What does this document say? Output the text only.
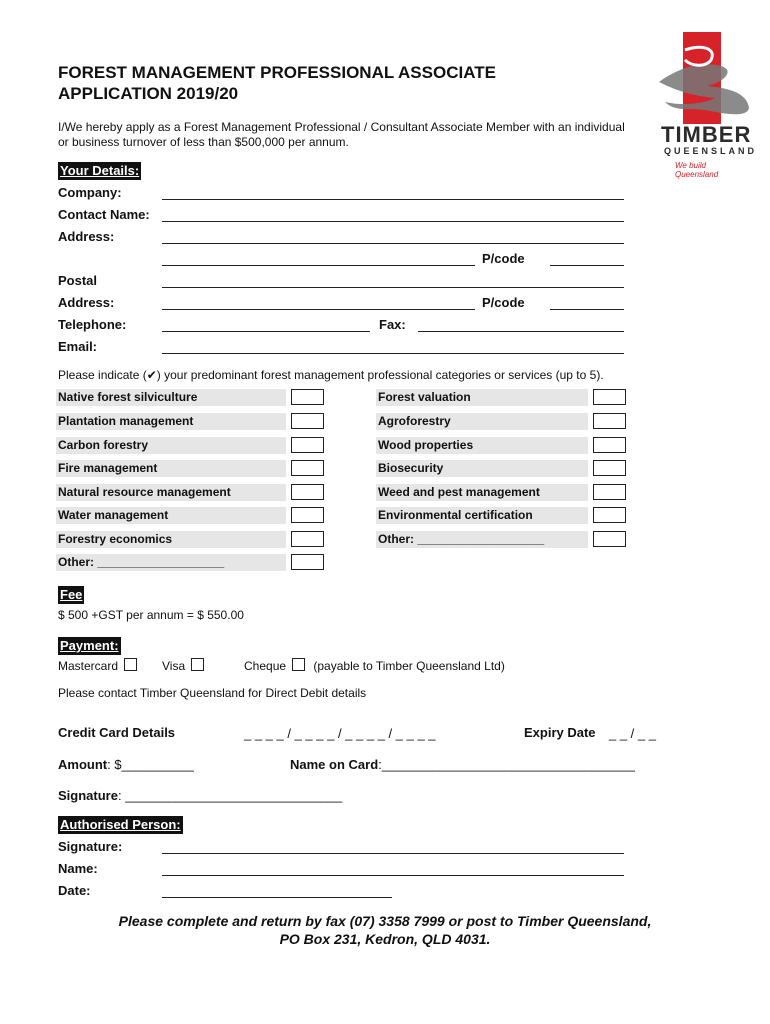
FOREST MANAGEMENT PROFESSIONAL ASSOCIATE
APPLICATION 2019/20
I/We hereby apply as a Forest Management Professional / Consultant Associate Member with an individual or business turnover of less than $500,000 per annum.	TIMBER
QUEENSLAND
We build Queensland
Your Details:
Company:
Contact Name:
Address:
P/code
Postal
Address:	P/code
Telephone:	Fax:
Email:
Please indicate (✔) your predominant forest management professional categories or services (up to 5).
Native forest silviculture	Forest valuation
Plantation management	Agroforestry
Carbon forestry	Wood properties
Fire management	Biosecurity
Natural resource management	Weed and pest management
Water management	Environmental certification
Forestry economics	Other: ___________________
Other: ___________________
Fee
$ 500 +GST per annum = $ 550.00
Payment:
Mastercard	Visa	Cheque (payable to Timber Queensland Ltd)
Please contact Timber Queensland for Direct Debit details
Credit Card Details	_ _ _ _ / _ _ _ _ / _ _ _ _ / _ _ _ _	Expiry Date _ _ / _ _
Amount: $__________	Name on Card:___________________________________
Signature: ______________________________
Authorised Person:
Signature:
Name:
Date:
Please complete and return by fax (07) 3358 7999 or post to Timber Queensland,
PO Box 231, Kedron, QLD 4031.
